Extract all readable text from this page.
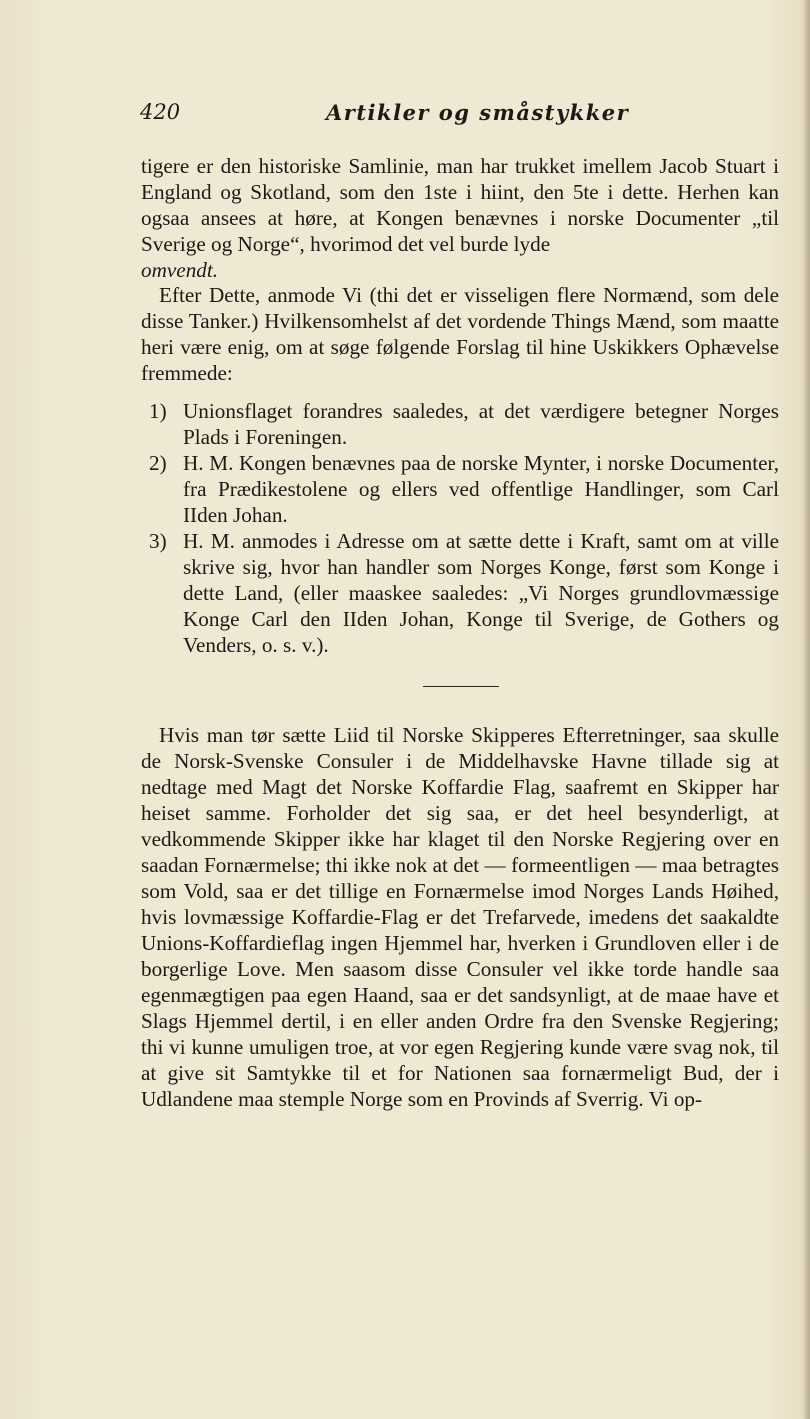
420	Artikler og småstykker

tigere er den historiske Samlinie, man har trukket imellem Jacob Stuart i England og Skotland, som den 1ste i hiint, den 5te i dette. Herhen kan ogsaa ansees at høre, at Kongen benævnes i norske Documenter „til Sverige og Norge“, hvorimod det vel burde lyde
omvendt.

Efter Dette, anmode Vi (thi det er visseligen flere Normænd, som dele disse Tanker.) Hvilkensomhelst af det vordende Things Mænd, som maatte heri være enig, om at søge følgende Forslag til hine Uskikkers Ophævelse fremmede:

1) Unionsflaget forandres saaledes, at det værdigere betegner Norges Plads i Foreningen.
2) H. M. Kongen benævnes paa de norske Mynter, i norske Documenter, fra Prædikestolene og ellers ved offentlige Handlinger, som Carl IIden Johan.
3) H. M. anmodes i Adresse om at sætte dette i Kraft, samt om at ville skrive sig, hvor han handler som Norges Konge, først som Konge i dette Land, (eller maaskee saaledes: „Vi Norges grundlovmæssige Konge Carl den IIden Johan, Konge til Sverige, de Gothers og Venders, o. s. v.).

Hvis man tør sætte Liid til Norske Skipperes Efterretninger, saa skulle de Norsk-Svenske Consuler i de Middelhavske Havne tillade sig at nedtage med Magt det Norske Koffardie Flag, saafremt en Skipper har heiset samme. Forholder det sig saa, er det heel besynderligt, at vedkommende Skipper ikke har klaget til den Norske Regjering over en saadan Fornærmelse; thi ikke nok at det — formeentligen — maa betragtes som Vold, saa er det tillige en Fornærmelse imod Norges Lands Høihed, hvis lovmæssige Koffardie-Flag er det Trefarvede, imedens det saakaldte Unions-Koffardieflag ingen Hjemmel har, hverken i Grundloven eller i de borgerlige Love. Men saasom disse Consuler vel ikke torde handle saa egenmægtigen paa egen Haand, saa er det sandsynligt, at de maae have et Slags Hjemmel dertil, i en eller anden Ordre fra den Svenske Regjering; thi vi kunne umuligen troe, at vor egen Regjering kunde være svag nok, til at give sit Samtykke til et for Nationen saa fornærmeligt Bud, der i Udlandene maa stemple Norge som en Provinds af Sverrig. Vi op-
